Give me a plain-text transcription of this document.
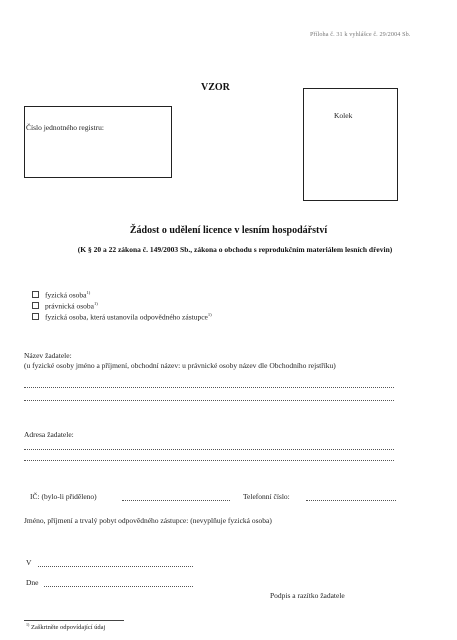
Příloha č. 31 k vyhlášce č. 29/2004 Sb.
VZOR
Číslo jednotného registru:
Kolek
Žádost o udělení licence v lesním hospodářství
(K § 20 a 22 zákona č. 149/2003 Sb., zákona o obchodu s reprodukčním materiálem lesních dřevin)
fyzická osoba$^{1)}$
právnická osoba$^{1)}$
fyzická osoba, která ustanovila odpovědného zástupce$^{1)}$
Název žadatele:
(u fyzické osoby jméno a příjmení, obchodní název: u právnické osoby název dle Obchodního rejstříku)
Adresa žadatele:
IČ: (bylo-li přiděleno)	Telefonní číslo:
Jméno, příjmení a trvalý pobyt odpovědného zástupce: (nevyplňuje fyzická osoba)
V
Dne
Podpis a razítko žadatele
$^{1)}$ Zaškrtněte odpovídající údaj
